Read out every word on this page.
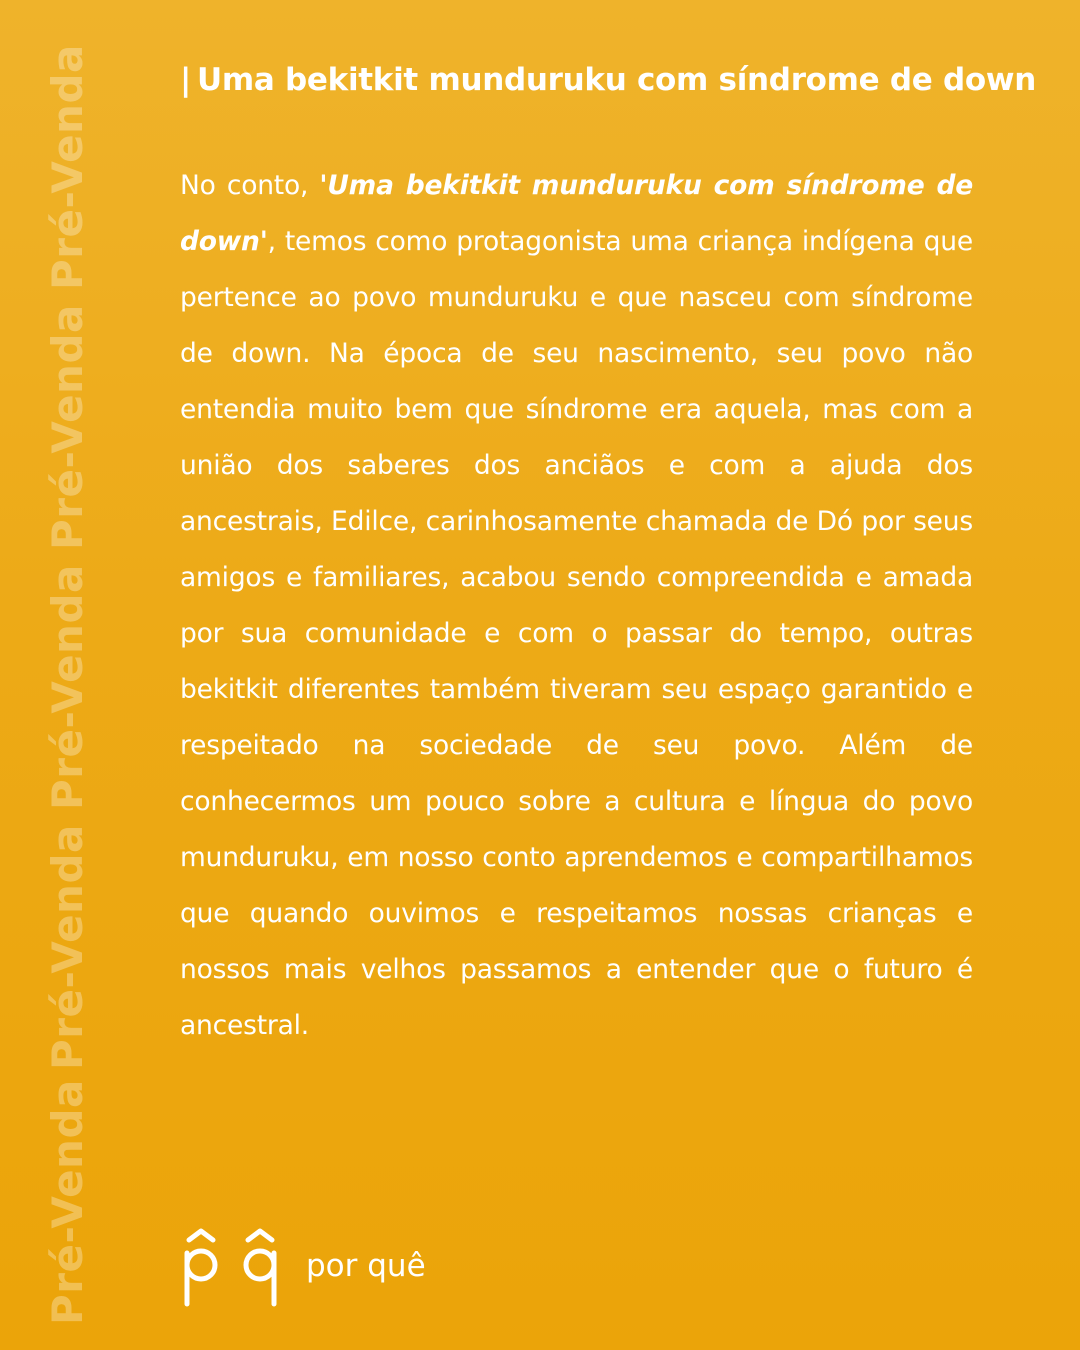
Pré-Venda
Pré-Venda
Pré-Venda
Pré-Venda
Pré-Venda
| Uma bekitkit munduruku com síndrome de down

No conto, 'Uma bekitkit munduruku com síndrome de down', temos como protagonista uma criança indígena que pertence ao povo munduruku e que nasceu com síndrome de down. Na época de seu nascimento, seu povo não entendia muito bem que síndrome era aquela, mas com a união dos saberes dos anciãos e com a ajuda dos ancestrais, Edilce, carinhosamente chamada de Dó por seus amigos e familiares, acabou sendo compreendida e amada por sua comunidade e com o passar do tempo, outras bekitkit diferentes também tiveram seu espaço garantido e respeitado na sociedade de seu povo. Além de conhecermos um pouco sobre a cultura e língua do povo munduruku, em nosso conto aprendemos e compartilhamos que quando ouvimos e respeitamos nossas crianças e nossos mais velhos passamos a entender que o futuro é ancestral.

por quê
